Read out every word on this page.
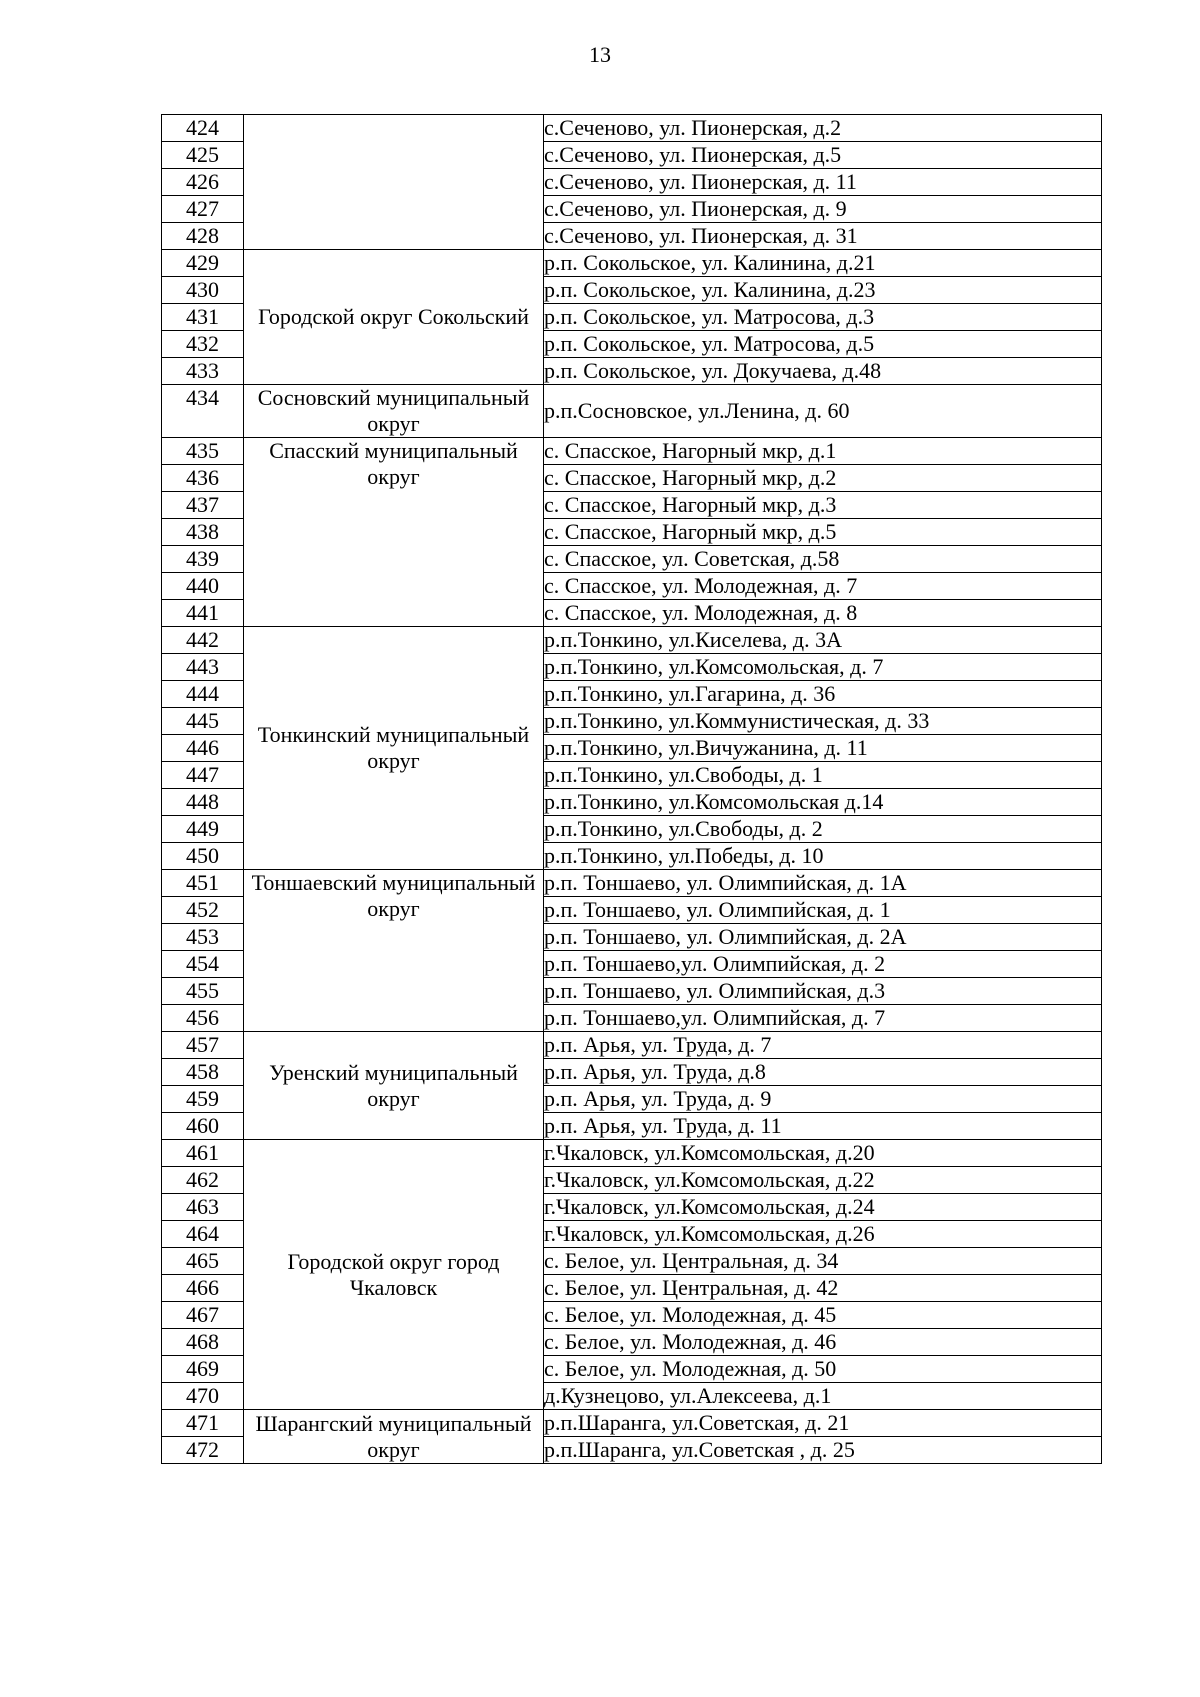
13
424		с.Сеченово, ул. Пионерская, д.2
425		с.Сеченово, ул. Пионерская, д.5
426		с.Сеченово, ул. Пионерская, д. 11
427		с.Сеченово, ул. Пионерская, д. 9
428		с.Сеченово, ул. Пионерская, д. 31
429	Городской округ Сокольский	р.п. Сокольское, ул. Калинина, д.21
430		р.п. Сокольское, ул. Калинина, д.23
431		р.п. Сокольское, ул. Матросова, д.3
432		р.п. Сокольское, ул. Матросова, д.5
433		р.п. Сокольское, ул. Докучаева, д.48
434	Сосновский муниципальный округ	р.п.Сосновское, ул.Ленина, д. 60
435	Спасский муниципальный округ	с. Спасское, Нагорный мкр, д.1
436		с. Спасское, Нагорный мкр, д.2
437		с. Спасское, Нагорный мкр, д.3
438		с. Спасское, Нагорный мкр, д.5
439		с. Спасское, ул. Советская, д.58
440		с. Спасское, ул. Молодежная, д. 7
441		с. Спасское, ул. Молодежная, д. 8
442	Тонкинский муниципальный округ	р.п.Тонкино, ул.Киселева, д. 3А
443		р.п.Тонкино, ул.Комсомольская, д. 7
444		р.п.Тонкино, ул.Гагарина, д. 36
445		р.п.Тонкино, ул.Коммунистическая, д. 33
446		р.п.Тонкино, ул.Вичужанина, д. 11
447		р.п.Тонкино, ул.Свободы, д. 1
448		р.п.Тонкино, ул.Комсомольская д.14
449		р.п.Тонкино, ул.Свободы, д. 2
450		р.п.Тонкино, ул.Победы, д. 10
451	Тоншаевский муниципальный округ	р.п. Тоншаево, ул. Олимпийская, д. 1А
452		р.п. Тоншаево, ул. Олимпийская, д. 1
453		р.п. Тоншаево, ул. Олимпийская, д. 2А
454		р.п. Тоншаево,ул. Олимпийская, д. 2
455		р.п. Тоншаево, ул. Олимпийская, д.3
456		р.п. Тоншаево,ул. Олимпийская, д. 7
457	Уренский муниципальный округ	р.п. Арья, ул. Труда, д. 7
458		р.п. Арья, ул. Труда, д.8
459		р.п. Арья, ул. Труда, д. 9
460		р.п. Арья, ул. Труда, д. 11
461	Городской округ город Чкаловск	г.Чкаловск, ул.Комсомольская, д.20
462		г.Чкаловск, ул.Комсомольская, д.22
463		г.Чкаловск, ул.Комсомольская, д.24
464		г.Чкаловск, ул.Комсомольская, д.26
465		с. Белое, ул. Центральная, д. 34
466		с. Белое, ул. Центральная, д. 42
467		с. Белое, ул. Молодежная, д. 45
468		с. Белое, ул. Молодежная, д. 46
469		с. Белое, ул. Молодежная, д. 50
470		д.Кузнецово, ул.Алексеева, д.1
471	Шарангский муниципальный округ	р.п.Шаранга, ул.Советская, д. 21
472		р.п.Шаранга, ул.Советская , д. 25
